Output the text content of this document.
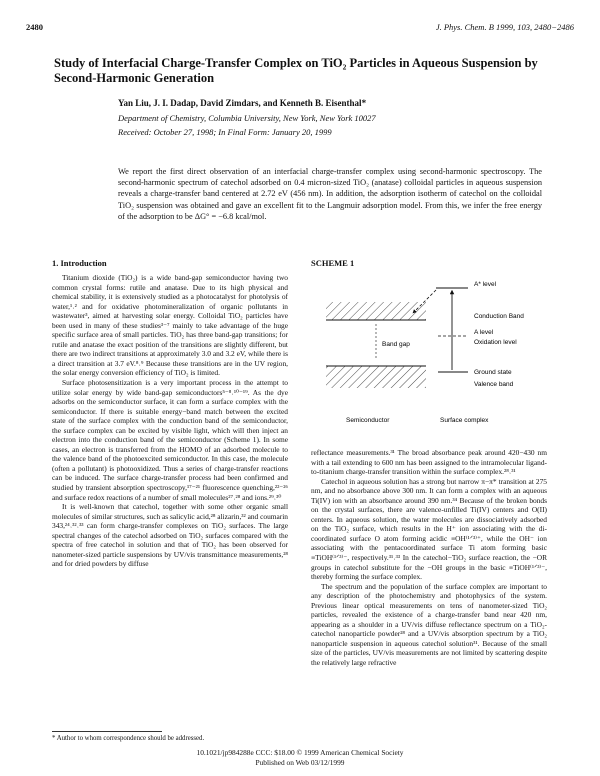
2480	J. Phys. Chem. B 1999, 103, 2480−2486
Study of Interfacial Charge-Transfer Complex on TiO₂ Particles in Aqueous Suspension by Second-Harmonic Generation
Yan Liu, J. I. Dadap, David Zimdars, and Kenneth B. Eisenthal*
Department of Chemistry, Columbia University, New York, New York 10027
Received: October 27, 1998; In Final Form: January 20, 1999
We report the first direct observation of an interfacial charge-transfer complex using second-harmonic spectroscopy. The second-harmonic spectrum of catechol adsorbed on 0.4 micron-sized TiO₂ (anatase) colloidal particles in aqueous suspension reveals a charge-transfer band centered at 2.72 eV (456 nm). In addition, the adsorption isotherm of catechol on the colloidal TiO₂ suspension was obtained and gave an excellent fit to the Langmuir adsorption model. From this, we infer the free energy of the adsorption to be ΔG° = −6.8 kcal/mol.
1. Introduction

Titanium dioxide (TiO₂) is a wide band-gap semiconductor having two common crystal forms: rutile and anatase. Due to its high physical and chemical stability, it is extensively studied as a photocatalyst for photolysis of water,¹˒² and for oxidative photomineralization of organic pollutants in wastewater³, aimed at harvesting solar energy. Colloidal TiO₂ particles have been used in many of these studies³⁻⁷ mainly to take advantage of the huge specific surface area of small particles. TiO₂ has three band-gap transitions; for rutile and anatase the exact position of the transitions are slightly different, but there are two indirect transitions at approximately 3.0 and 3.2 eV, while there is a direct transition at 3.7 eV.⁸˒⁹ Because these transitions are in the UV region, the solar energy conversion efficiency of TiO₂ is limited.

Surface photosensitization is a very important process in the attempt to utilize solar energy by wide band-gap semiconductors⁵⁻⁸˒¹⁰⁻¹⁹. As the dye adsorbs on the semiconductor surface, it can form a surface complex with the semiconductor. If there is suitable energy−band match between the excited state of the surface complex with the conduction band of the semiconductor, the surface complex can be excited by visible light, which will then inject an electron into the conduction band of the semiconductor (Scheme 1). In some cases, an electron is transferred from the HOMO of an adsorbed molecule to the valence band of the photoexcited semiconductor. In this case, the molecule (often a pollutant) is photooxidized. Thus a series of charge-transfer reactions can be induced. The surface charge-transfer process had been confirmed and studied by transient absorption spectroscopy,¹⁷⁻²¹ fluorescence quenching,²²⁻²⁶ and surface redox reactions of a number of small molecules²⁷˒²⁸ and ions.²⁹˒³⁰

It is well-known that catechol, together with some other organic small molecules of similar structures, such as salicylic acid,²⁸ alizarin,³² and coumarin 343,²⁴˒³²˒³³ can form charge-transfer complexes on TiO₂ surfaces. The large spectral changes of the catechol adsorbed on TiO₂ surfaces compared with the spectra of free catechol in solution and that of TiO₂ has been observed for nanometer-sized particle suspensions by UV/vis transmittance measurements,²⁸ and for dried powders by diffuse

SCHEME 1
A* level
Conduction Band
A level
Oxidation level
Band gap
Ground state
Valence band
Semiconductor	Surface complex

reflectance measurements.³¹ The broad absorbance peak around 420−430 nm with a tail extending to 600 nm has been assigned to the intramolecular ligand-to-titanium charge-transfer transition within the surface complex.²⁸˒³¹

Catechol in aqueous solution has a strong but narrow π−π* transition at 275 nm, and no absorbance above 300 nm. It can form a complex with an aqueous Ti(IV) ion with an absorbance around 390 nm.³⁴ Because of the broken bonds on the crystal surfaces, there are valence-unfilled Ti(IV) centers and O(II) centers. In aqueous solution, the water molecules are dissociatively adsorbed on the TiO₂ surface, which results in the H⁺ ion associating with the di-coordinated surface O atom forming acidic ≡OH⁽¹ᐟ³⁾⁺, while the OH⁻ ion associating with the pentacoordinated surface Ti atom forming basic ≡TiOH⁽¹ᐟ³⁾⁻, respectively.³¹˒³³ In the catechol−TiO₂ surface reaction, the −OR groups in catechol substitute for the −OH groups in the basic ≡TiOH⁽¹ᐟ³⁾⁻, thereby forming the surface complex.

The spectrum and the population of the surface complex are important to any description of the photochemistry and photophysics of the system. Previous linear optical measurements on tens of nanometer-sized TiO₂ particles, revealed the existence of a charge-transfer band near 420 nm, appearing as a shoulder in a UV/vis diffuse reflectance spectrum on a TiO₂-catechol nanoparticle powder²⁸ and a UV/vis absorption spectrum by a TiO₂ nanoparticle suspension in aqueous catechol solution³¹. Because of the small size of the particles, UV/vis measurements are not limited by scattering despite the relatively large refractive

* Author to whom correspondence should be addressed.
10.1021/jp984288e CCC: $18.00 © 1999 American Chemical Society
Published on Web 03/12/1999
